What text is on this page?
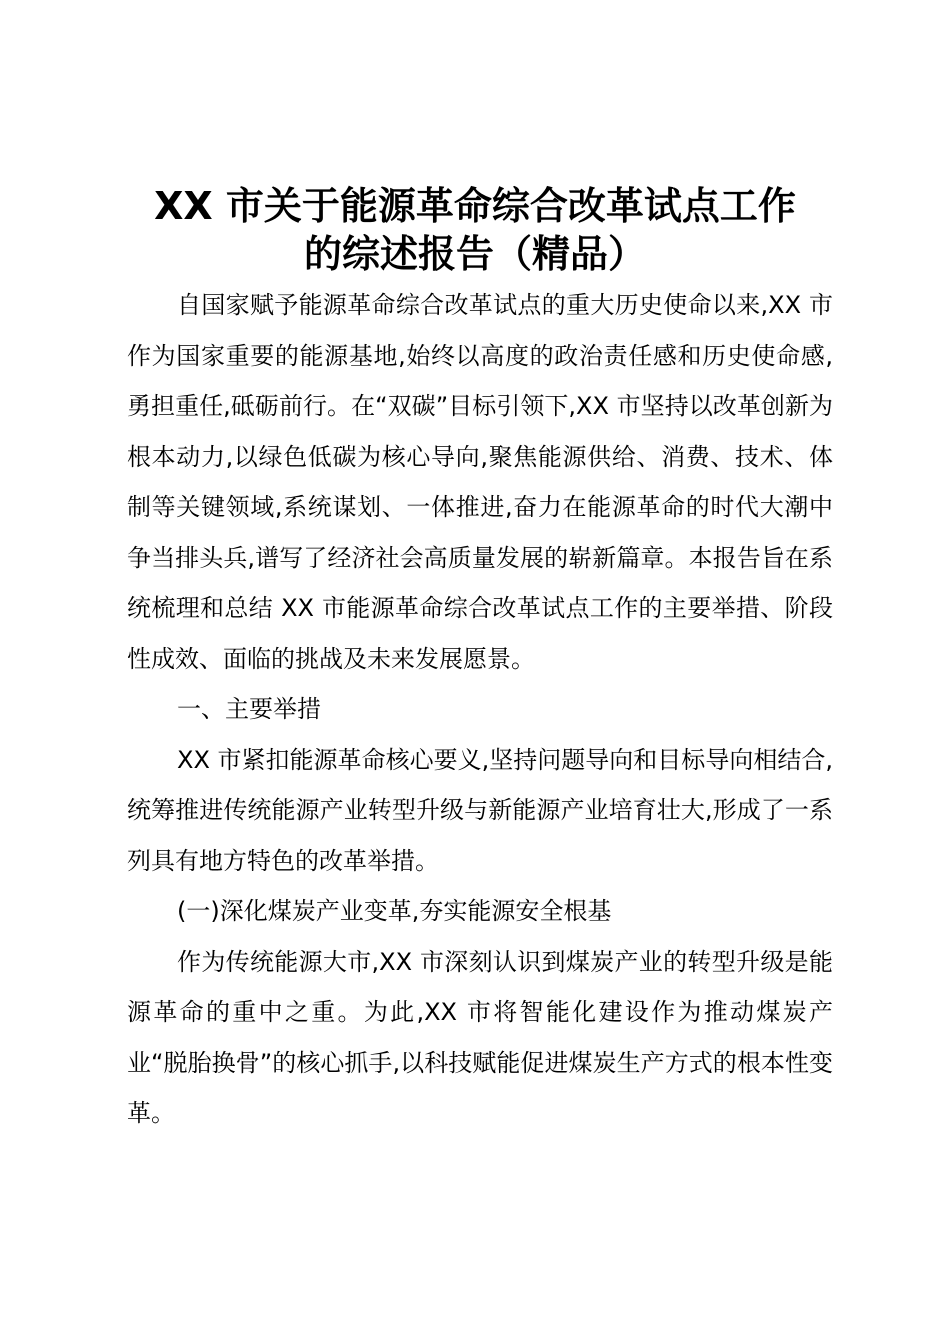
XX 市关于能源革命综合改革试点工作
的综述报告（精品）

自国家赋予能源革命综合改革试点的重大历史使命以来,XX 市作为国家重要的能源基地,始终以高度的政治责任感和历史使命感,勇担重任,砥砺前行。在“双碳”目标引领下,XX 市坚持以改革创新为根本动力,以绿色低碳为核心导向,聚焦能源供给、消费、技术、体制等关键领域,系统谋划、一体推进,奋力在能源革命的时代大潮中争当排头兵,谱写了经济社会高质量发展的崭新篇章。本报告旨在系统梳理和总结 XX 市能源革命综合改革试点工作的主要举措、阶段性成效、面临的挑战及未来发展愿景。

一、主要举措

XX 市紧扣能源革命核心要义,坚持问题导向和目标导向相结合,统筹推进传统能源产业转型升级与新能源产业培育壮大,形成了一系列具有地方特色的改革举措。

(一)深化煤炭产业变革,夯实能源安全根基

作为传统能源大市,XX 市深刻认识到煤炭产业的转型升级是能源革命的重中之重。为此,XX 市将智能化建设作为推动煤炭产业“脱胎换骨”的核心抓手,以科技赋能促进煤炭生产方式的根本性变革。
